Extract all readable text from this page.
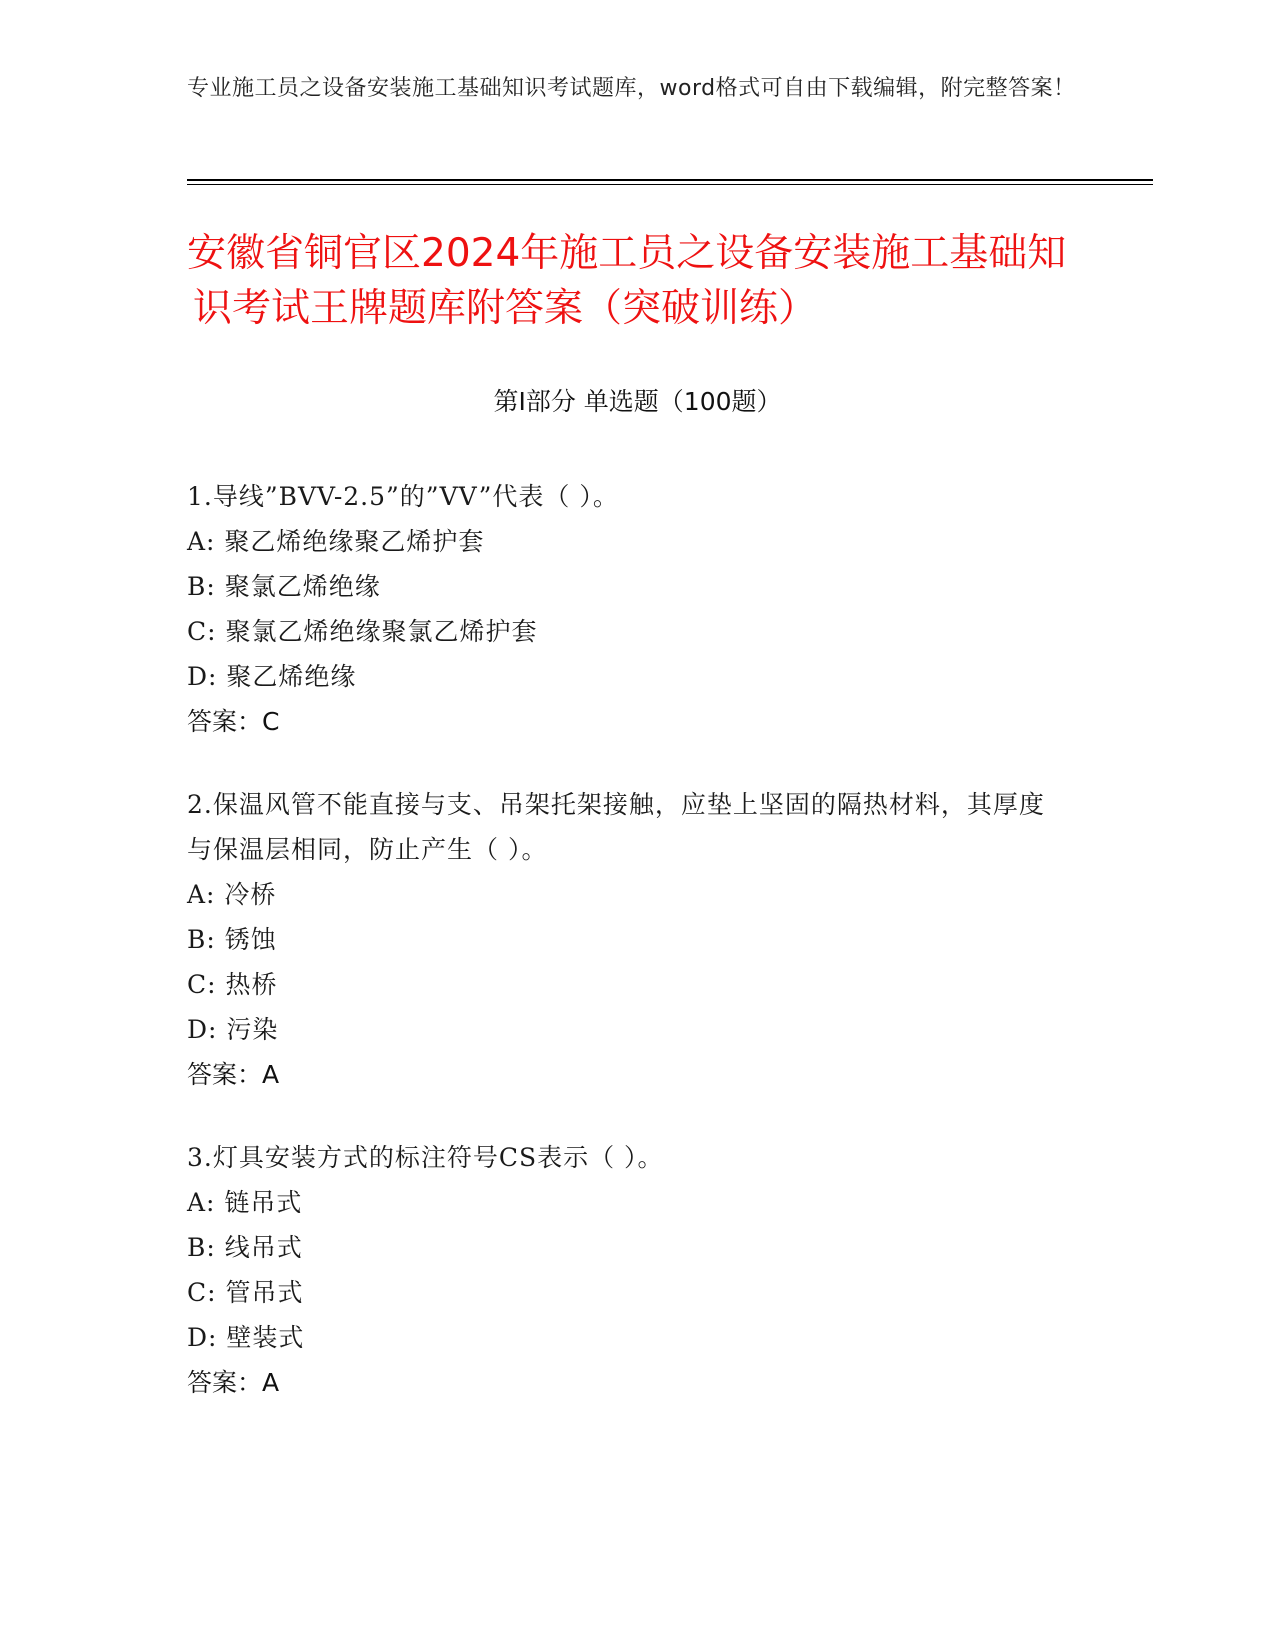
专业施工员之设备安装施工基础知识考试题库，word格式可自由下载编辑，附完整答案！
安徽省铜官区2024年施工员之设备安装施工基础知识考试王牌题库附答案（突破训练）
第Ⅰ部分 单选题（100题）
1.导线”BVV-2.5”的”VV”代表（ ）。
A: 聚乙烯绝缘聚乙烯护套
B: 聚氯乙烯绝缘
C: 聚氯乙烯绝缘聚氯乙烯护套
D: 聚乙烯绝缘
答案：C
2.保温风管不能直接与支、吊架托架接触，应垫上坚固的隔热材料，其厚度与保温层相同，防止产生（ ）。
A: 冷桥
B: 锈蚀
C: 热桥
D: 污染
答案：A
3.灯具安装方式的标注符号CS表示（ ）。
A: 链吊式
B: 线吊式
C: 管吊式
D: 壁装式
答案：A
